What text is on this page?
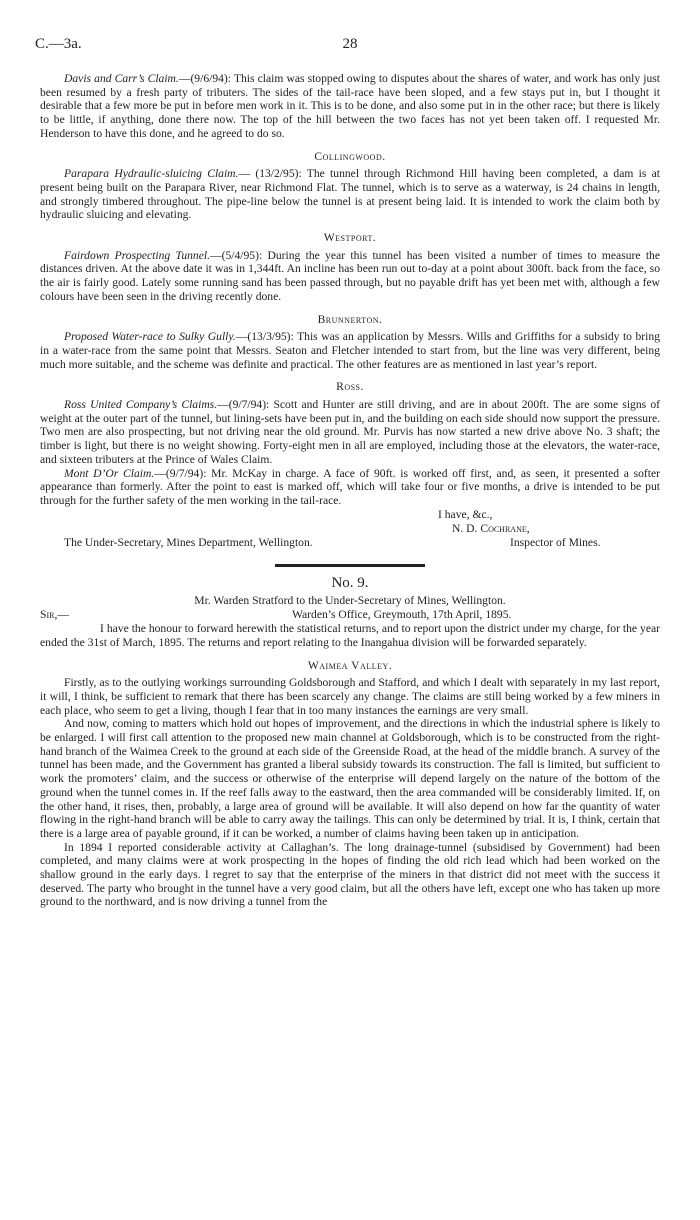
C.—3a.	28

Davis and Carr’s Claim.—(9/6/94): This claim was stopped owing to disputes about the shares of water, and work has only just been resumed by a fresh party of tributers. The sides of the tail-race have been sloped, and a few stays put in, but I thought it desirable that a few more be put in before men work in it. This is to be done, and also some put in in the other race; but there is likely to be little, if anything, done there now. The top of the hill between the two faces has not yet been taken off. I requested Mr. Henderson to have this done, and he agreed to do so.

Collingwood.

Parapara Hydraulic-sluicing Claim.— (13/2/95): The tunnel through Richmond Hill having been completed, a dam is at present being built on the Parapara River, near Richmond Flat. The tunnel, which is to serve as a waterway, is 24 chains in length, and strongly timbered throughout. The pipe-line below the tunnel is at present being laid. It is intended to work the claim both by hydraulic sluicing and elevating.

Westport.

Fairdown Prospecting Tunnel.—(5/4/95): During the year this tunnel has been visited a number of times to measure the distances driven. At the above date it was in 1,344ft. An incline has been run out to-day at a point about 300ft. back from the face, so the air is fairly good. Lately some running sand has been passed through, but no payable drift has yet been met with, although a few colours have been seen in the driving recently done.

Brunnerton.

Proposed Water-race to Sulky Gully.—(13/3/95): This was an application by Messrs. Wills and Griffiths for a subsidy to bring in a water-race from the same point that Messrs. Seaton and Fletcher intended to start from, but the line was very different, being much more suitable, and the scheme was definite and practical. The other features are as mentioned in last year’s report.

Ross.

Ross United Company’s Claims.—(9/7/94): Scott and Hunter are still driving, and are in about 200ft. The are some signs of weight at the outer part of the tunnel, but lining-sets have been put in, and the building on each side should now support the pressure. Two men are also prospecting, but not driving near the old ground. Mr. Purvis has now started a new drive above No. 3 shaft; the timber is light, but there is no weight showing. Forty-eight men in all are employed, including those at the elevators, the water-race, and sixteen tributers at the Prince of Wales Claim.

Mont D’Or Claim.—(9/7/94): Mr. McKay in charge. A face of 90ft. is worked off first, and, as seen, it presented a softer appearance than formerly. After the point to east is marked off, which will take four or five months, a drive is intended to be put through for the further safety of the men working in the tail-race.

I have, &c.,
N. D. Cochrane,
The Under-Secretary, Mines Department, Wellington.	Inspector of Mines.

No. 9.

Mr. Warden Stratford to the Under-Secretary of Mines, Wellington.

Sir,—	Warden’s Office, Greymouth, 17th April, 1895.

I have the honour to forward herewith the statistical returns, and to report upon the district under my charge, for the year ended the 31st of March, 1895. The returns and report relating to the Inangahua division will be forwarded separately.

Waimea Valley.

Firstly, as to the outlying workings surrounding Goldsborough and Stafford, and which I dealt with separately in my last report, it will, I think, be sufficient to remark that there has been scarcely any change. The claims are still being worked by a few miners in each place, who seem to get a living, though I fear that in too many instances the earnings are very small.

And now, coming to matters which hold out hopes of improvement, and the directions in which the industrial sphere is likely to be enlarged. I will first call attention to the proposed new main channel at Goldsborough, which is to be constructed from the right-hand branch of the Waimea Creek to the ground at each side of the Greenside Road, at the head of the middle branch. A survey of the tunnel has been made, and the Government has granted a liberal subsidy towards its construction. The fall is limited, but sufficient to work the promoters’ claim, and the success or otherwise of the enterprise will depend largely on the nature of the bottom of the ground when the tunnel comes in. If the reef falls away to the eastward, then the area commanded will be considerably limited. If, on the other hand, it rises, then, probably, a large area of ground will be available. It will also depend on how far the quantity of water flowing in the right-hand branch will be able to carry away the tailings. This can only be determined by trial. It is, I think, certain that there is a large area of payable ground, if it can be worked, a number of claims having been taken up in anticipation.

In 1894 I reported considerable activity at Callaghan’s. The long drainage-tunnel (subsidised by Government) had been completed, and many claims were at work prospecting in the hopes of finding the old rich lead which had been worked on the shallow ground in the early days. I regret to say that the enterprise of the miners in that district did not meet with the success it deserved. The party who brought in the tunnel have a very good claim, but all the others have left, except one who has taken up more ground to the northward, and is now driving a tunnel from the
